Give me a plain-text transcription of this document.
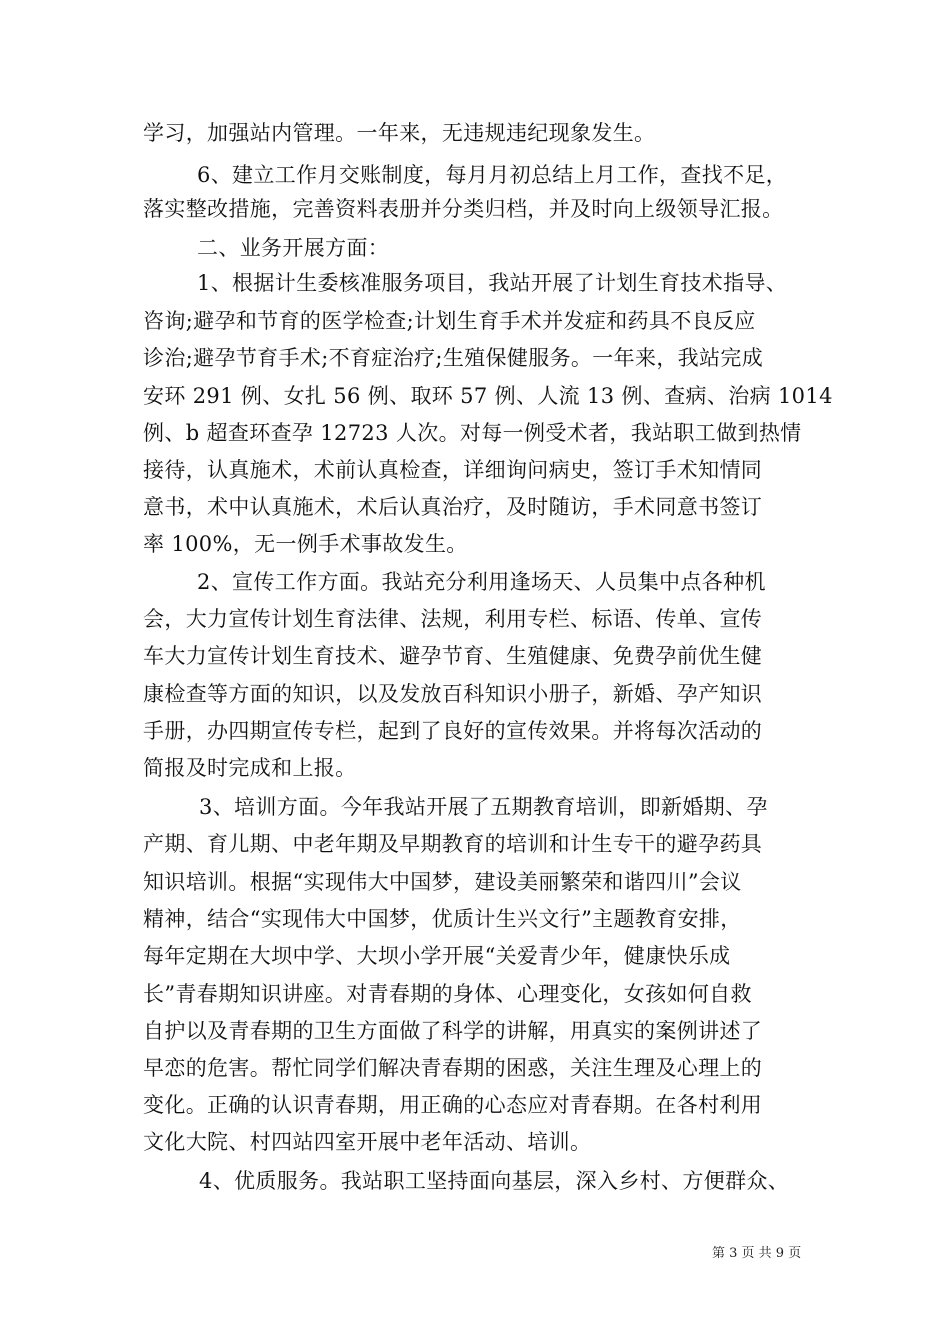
学习，加强站内管理。一年来，无违规违纪现象发生。
6、建立工作月交账制度，每月月初总结上月工作，查找不足，
落实整改措施，完善资料表册并分类归档，并及时向上级领导汇报。
二、业务开展方面：
1、根据计生委核准服务项目，我站开展了计划生育技术指导、
咨询;避孕和节育的医学检查;计划生育手术并发症和药具不良反应
诊治;避孕节育手术;不育症治疗;生殖保健服务。一年来，我站完成
安环 291 例、女扎 56 例、取环 57 例、人流 13 例、查病、治病 1014
例、b 超查环查孕 12723 人次。对每一例受术者，我站职工做到热情
接待，认真施术，术前认真检查，详细询问病史，签订手术知情同
意书，术中认真施术，术后认真治疗，及时随访，手术同意书签订
率 100%，无一例手术事故发生。
2、宣传工作方面。我站充分利用逢场天、人员集中点各种机
会，大力宣传计划生育法律、法规，利用专栏、标语、传单、宣传
车大力宣传计划生育技术、避孕节育、生殖健康、免费孕前优生健
康检查等方面的知识，以及发放百科知识小册子，新婚、孕产知识
手册，办四期宣传专栏，起到了良好的宣传效果。并将每次活动的
简报及时完成和上报。
3、培训方面。今年我站开展了五期教育培训，即新婚期、孕
产期、育儿期、中老年期及早期教育的培训和计生专干的避孕药具
知识培训。根据“实现伟大中国梦，建设美丽繁荣和谐四川”会议
精神，结合“实现伟大中国梦，优质计生兴文行”主题教育安排，
每年定期在大坝中学、大坝小学开展“关爱青少年，健康快乐成
长”青春期知识讲座。对青春期的身体、心理变化，女孩如何自救
自护以及青春期的卫生方面做了科学的讲解，用真实的案例讲述了
早恋的危害。帮忙同学们解决青春期的困惑，关注生理及心理上的
变化。正确的认识青春期，用正确的心态应对青春期。在各村利用
文化大院、村四站四室开展中老年活动、培训。
4、优质服务。我站职工坚持面向基层，深入乡村、方便群众、
第 3 页 共 9 页
